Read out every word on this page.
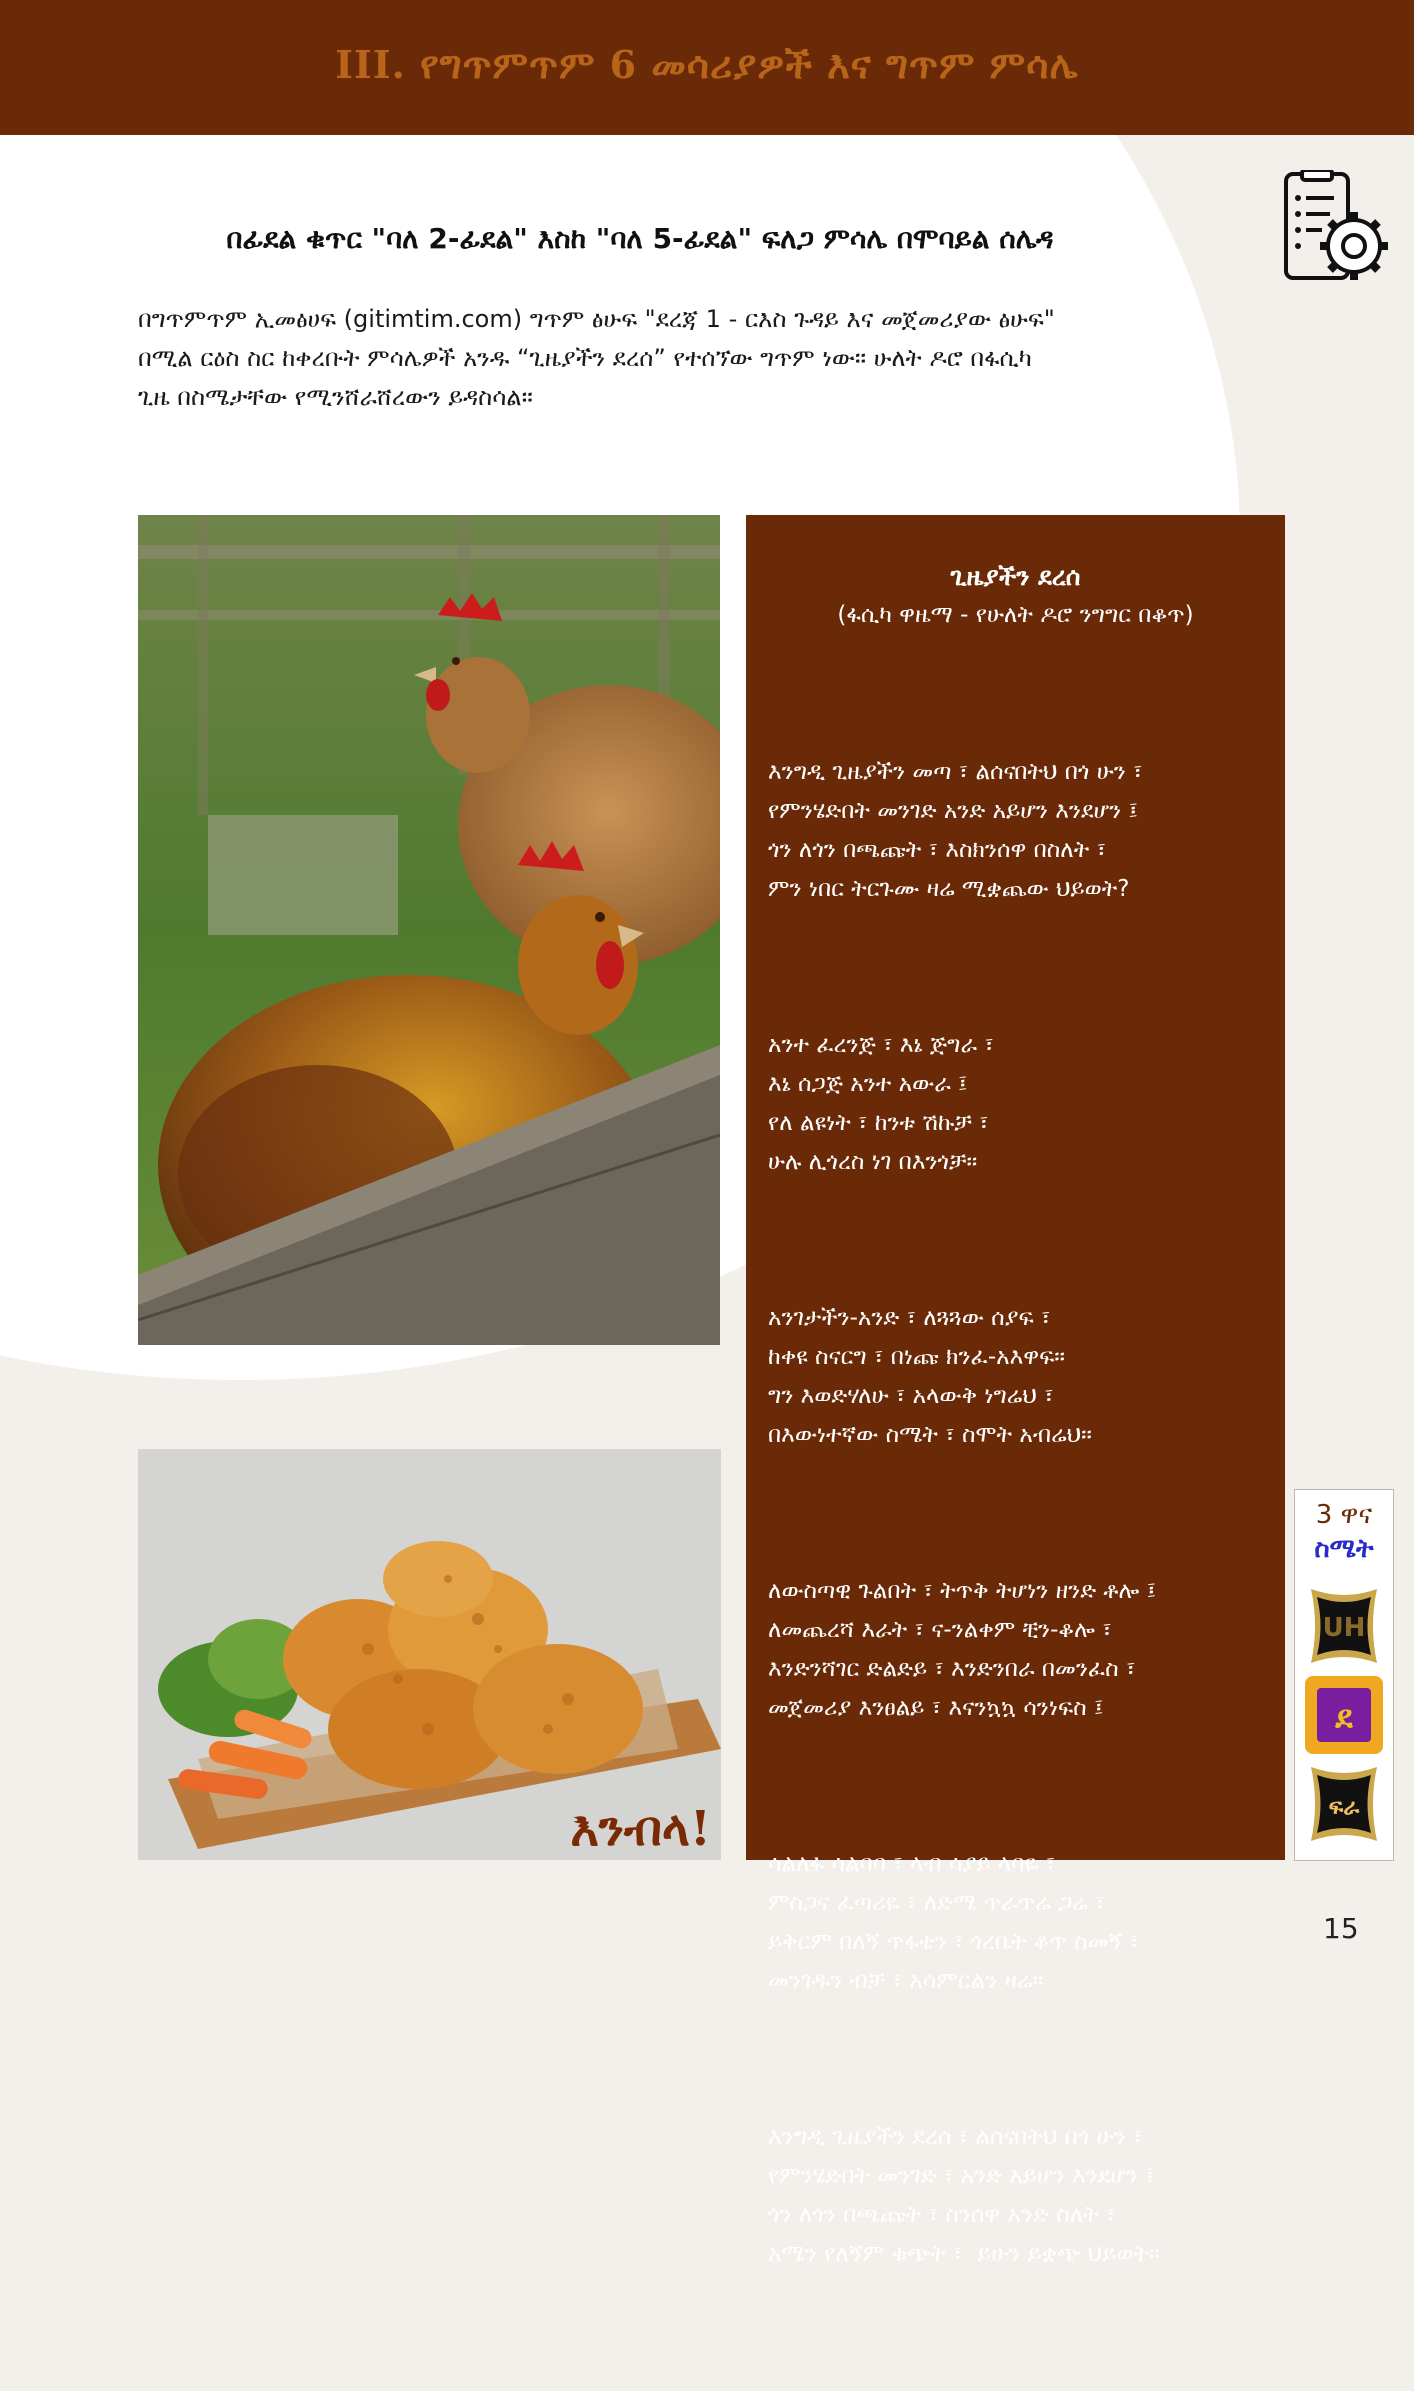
III. የግጥምጥም 6 መሳሪያዎች እና ግጥም ምሳሌ
በፊደል ቁጥር "ባለ 2-ፊደል" እስከ "ባለ 5-ፊደል" ፍለጋ ምሳሌ በሞባይል ሰሌዳ
በግጥምጥም ኢመፅሀፍ (gitimtim.com) ግጥም ፅሁፍ "ደረጃ 1 - ርእስ ጉዳይ እና መጀመሪያው ፅሁፍ"
በሚል ርዕስ ስር ከቀረቡት ምሳሌዎች አንዱ “ጊዜያችን ደረሰ” የተሰኘው ግጥም ነው። ሁለት ዶሮ በፋሲካ
ጊዜ በስሜታቸው የሚንሸራሸረውን ይዳስሳል።
እንብላ!
ጊዜያችን ደረሰ
(ፋሲካ ዋዜማ - የሁለት ዶሮ ንግግር በቆጥ)

እንግዲ ጊዜያችን መጣ ፣ ልሰናበትህ በጎ ሁን ፣
የምንሄድበት መንገድ አንድ አይሆን እንደሆን ፤
ጎን ለጎን በጫጩት ፣ እስክንሰዋ በስለት ፣
ምን ነበር ትርጉሙ ዛሬ ሚቋጨው ህይወት?

አንተ ፈረንጅ ፣ እኔ ጅግራ ፣
እኔ ሰጋጅ አንተ አውራ ፤
የለ ልዩነት ፣ ከንቱ ሽኩቻ ፣
ሁሉ ሊጎረስ ነገ በእንጎቻ።

አንገታችን-አንድ ፣ ለጓጓው ሰያፍ ፣
ከቀዩ ስናርግ ፣ በነጩ ክንፈ-አእዋፍ።
ግን እወድሃለሁ ፣ አላውቅ ነግሬህ ፣
በእውነተኛው ስሜት ፣ ስሞት አብሬህ።

ለውስጣዊ ጉልበት ፣ ትጥቅ ትሆነን ዘንድ ቶሎ ፤
ለመጨረሻ እራት ፣ ና-ንልቀም ቺን-ቆሎ ፣
እንድንሻገር ድልድይ ፣ እንድንበራ በመንፈስ ፣
መጀመሪያ እንፀልይ ፣ እናንኳኳ ሳንነፍስ ፤

ሳልለፋ ሳልባባ ፣ ላብ ሳያይ ላባዬ ፣
ምስጋና ፈጣሪዬ ፣ ለድሜ ጥራጥሬ ጋሬ ፣
ይቅርም በለኝ ጥፋቴን ፣ ጎረቤት ቆጥ ስመኝ ፣
መንገዱን ብቻ ፣ አሳምርልን ዛሬ።

እንግዲ ጊዜያችን ደረሰ ፣ ልሰናበትህ በጎ ሁን ፣
የምንሄድበት መንገድ ፣ አንድ አይሆን እንደሆን ፤
ጎን ለጎን በጫጩት ፣ ስንሰዋ አንድ ስለት ፣
አሜን የለኝም ቁጭት ፣  ይሁን ይቋጭ ህይወት።

3 ዋና
ስሜት
UH
ደ
ፍራ
15
